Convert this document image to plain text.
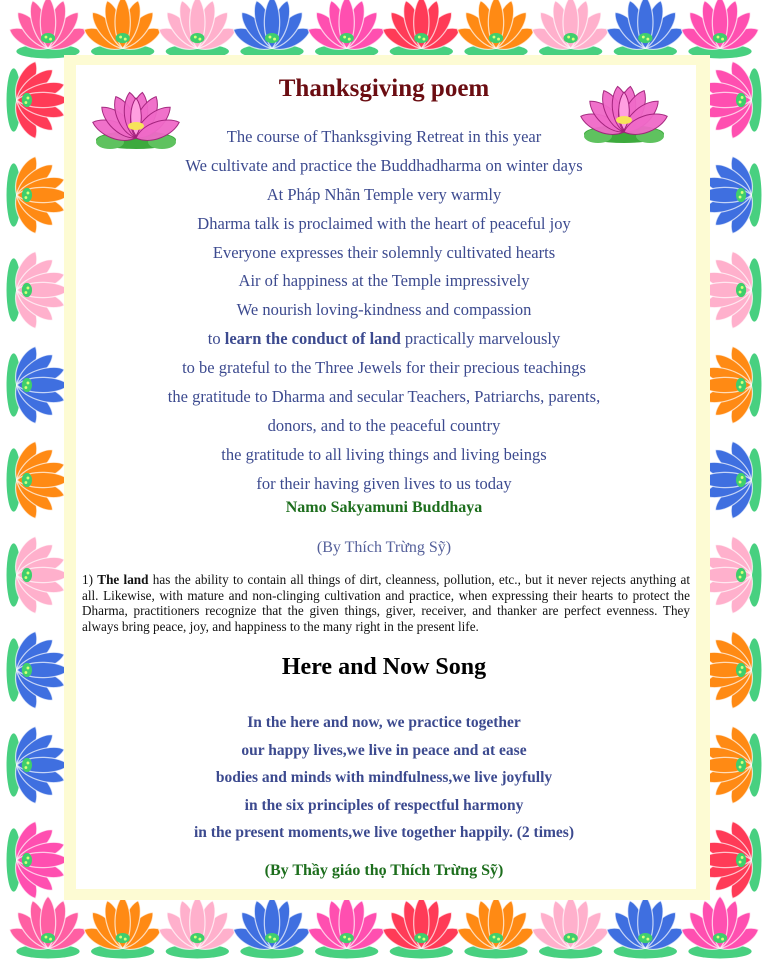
Thanksgiving poem
The course of Thanksgiving Retreat in this year
We cultivate and practice the Buddhadharma on winter days
At Pháp Nhãn Temple very warmly
Dharma talk is proclaimed with the heart of peaceful joy
Everyone expresses their solemnly cultivated hearts
Air of happiness at the Temple impressively
We nourish loving-kindness and compassion
to learn the conduct of land practically marvelously
to be grateful to the Three Jewels for their precious teachings
the gratitude to Dharma and secular Teachers, Patriarchs, parents,
donors, and to the peaceful country
the gratitude to all living things and living beings
for their having given lives to us today
Namo Sakyamuni Buddhaya
(By Thích Trừng Sỹ)
1) The land has the ability to contain all things of dirt, cleanness, pollution, etc., but it never rejects anything at all. Likewise, with mature and non-clinging cultivation and practice, when expressing their hearts to protect the Dharma, practitioners recognize that the given things, giver, receiver, and thanker are perfect evenness. They always bring peace, joy, and happiness to the many right in the present life.
Here and Now Song
In the here and now, we practice together
our happy lives,we live in peace and at ease
bodies and minds with mindfulness,we live joyfully
in the six principles of respectful harmony
in the present moments,we live together happily. (2 times)
(By Thầy giáo thọ Thích Trừng Sỹ)
